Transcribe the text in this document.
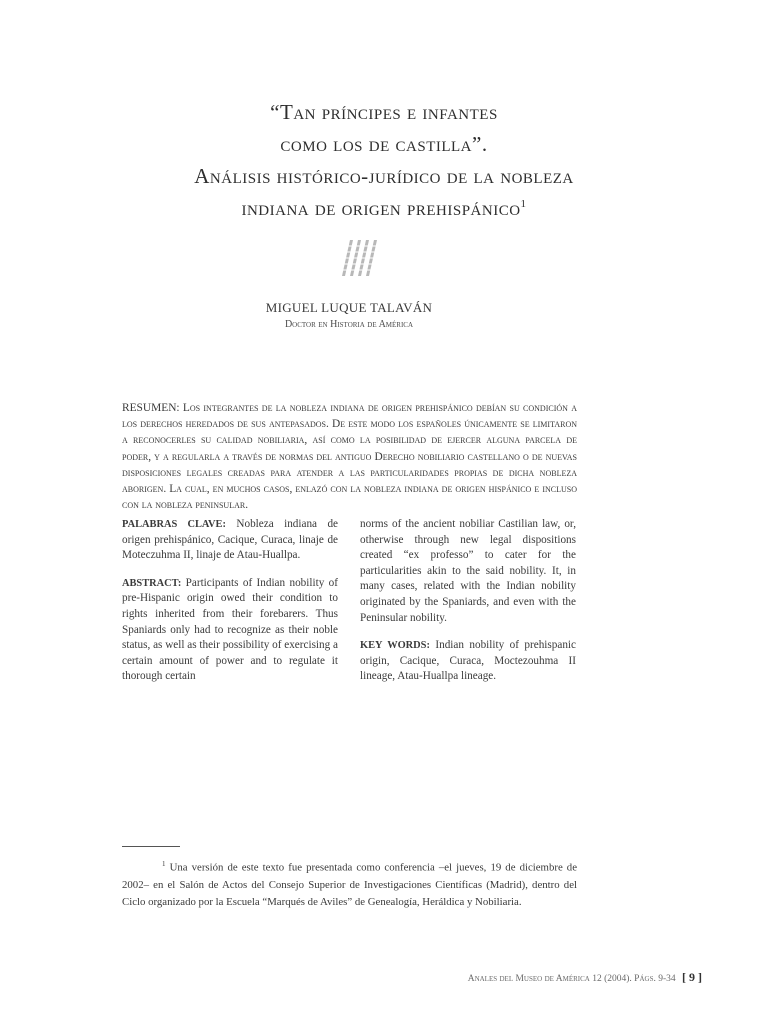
“Tan príncipes e infantes
como los de castilla”.
Análisis histórico-jurídico de la nobleza
indiana de origen prehispánico$^1$
MIGUEL LUQUE TALAVÁN
Doctor en Historia de América
RESUMEN: Los integrantes de la nobleza indiana de origen prehispánico debían su condición a los derechos heredados de sus antepasados. De este modo los españoles únicamente se limitaron a reconocerles su calidad nobiliaria, así como la posibilidad de ejercer alguna parcela de poder, y a regularla a través de normas del antiguo Derecho nobiliario castellano o de nuevas disposiciones legales creadas para atender a las particularidades propias de dicha nobleza aborigen. La cual, en muchos casos, enlazó con la nobleza indiana de origen hispánico e incluso con la nobleza peninsular.

PALABRAS CLAVE: Nobleza indiana de origen prehispánico, Cacique, Curaca, linaje de Moteczuhma II, linaje de Atau-Huallpa.

ABSTRACT: Participants of Indian nobility of pre-Hispanic origin owed their condition to rights inherited from their forebarers. Thus Spaniards only had to recognize as their noble status, as well as their possibility of exercising a certain amount of power and to regulate it thorough certain

norms of the ancient nobiliar Castilian law, or, otherwise through new legal dispositions created “ex professo” to cater for the particularities akin to the said nobility. It, in many cases, related with the Indian nobility originated by the Spaniards, and even with the Peninsular nobility.

KEY WORDS: Indian nobility of prehispanic origin, Cacique, Curaca, Moctezouhma II lineage, Atau-Huallpa lineage.

$^1$ Una versión de este texto fue presentada como conferencia –el jueves, 19 de diciembre de 2002– en el Salón de Actos del Consejo Superior de Investigaciones Científicas (Madrid), dentro del Ciclo organizado por la Escuela “Marqués de Aviles” de Genealogía, Heráldica y Nobiliaria.
Anales del Museo de América 12 (2004). Págs. 9-34 [ 9 ]
